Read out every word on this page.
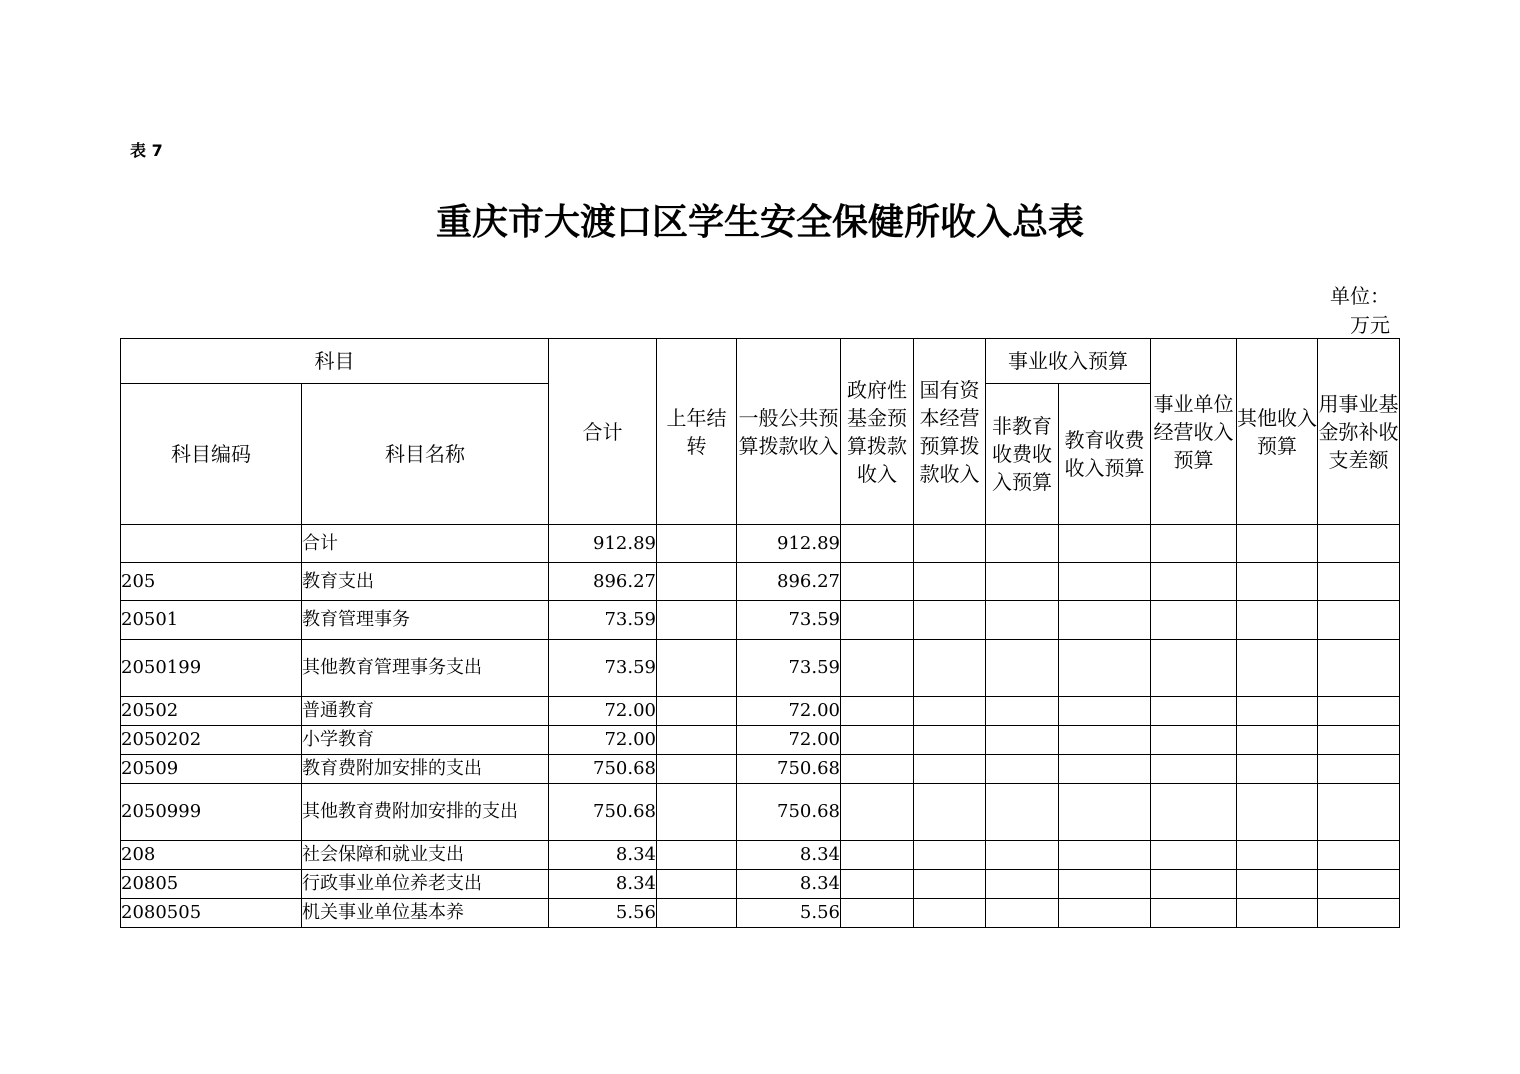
表 7
重庆市大渡口区学生安全保健所收入总表
单位：万元
科目		合计	上年结转	一般公共预算拨款收入	政府性基金预算拨款收入	国有资本经营预算拨款收入	事业收入预算		事业单位经营收入预算	其他收入预算	用事业基金弥补收支差额
科目编码	科目名称						非教育收费收入预算	教育收费收入预算			
	合计	912.89		912.89							
205	教育支出	896.27		896.27							
20501	教育管理事务	73.59		73.59							
2050199	其他教育管理事务支出	73.59		73.59							
20502	普通教育	72.00		72.00							
2050202	小学教育	72.00		72.00							
20509	教育费附加安排的支出	750.68		750.68							
2050999	其他教育费附加安排的支出	750.68		750.68							
208	社会保障和就业支出	8.34		8.34							
20805	行政事业单位养老支出	8.34		8.34							
2080505	机关事业单位基本养	5.56		5.56							
